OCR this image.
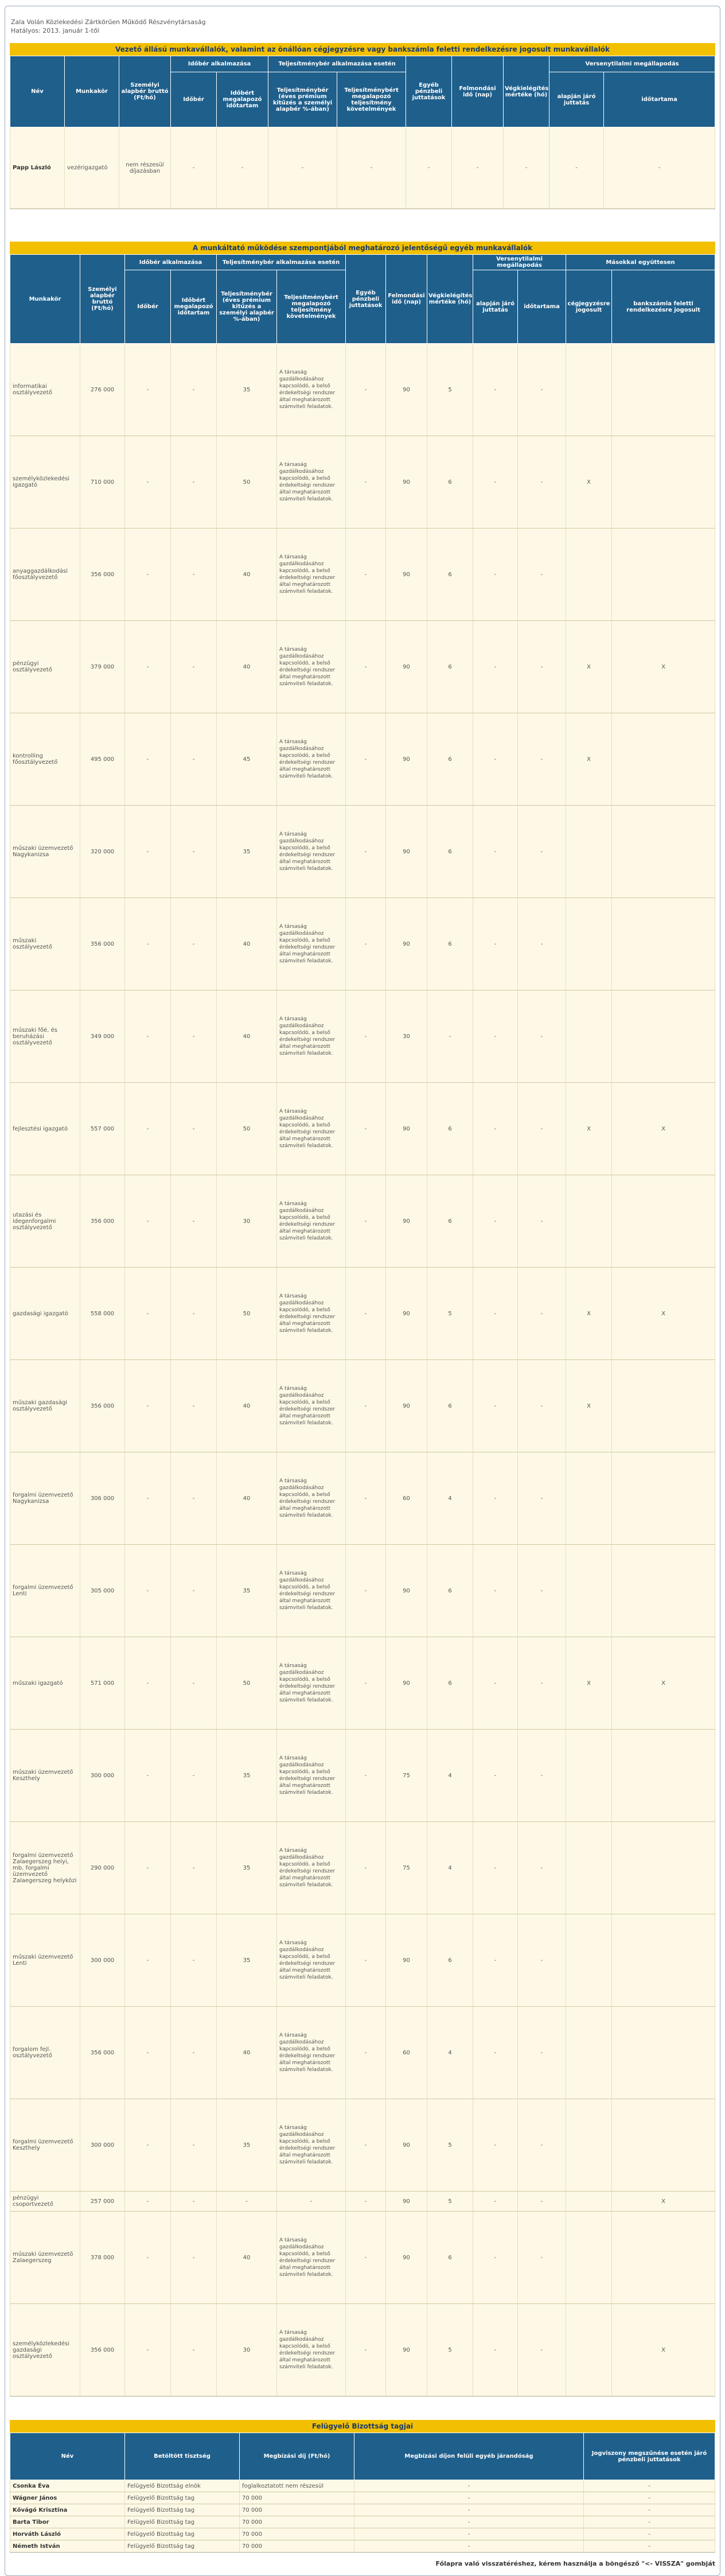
Zala Volán Közlekedési Zártkörűen Működő Részvénytársaság
Hatályos: 2013. január 1-től
Vezető állású munkavállalók, valamint az önállóan cégjegyzésre vagy bankszámla feletti rendelkezésre jogosult munkavállalók
Név	Munkakör	Személyi alapbér bruttó (Ft/hó)	Időbér alkalmazása		Teljesítménybér alkalmazása esetén		Egyéb pénzbeli juttatások	Felmondási idő (nap)	Végkielégítés mértéke (hó)	Versenytilalmi megállapodás	
			Időbér	Időbért megalapozó időtartam	Teljesítménybér (éves prémium kitűzés a személyi alapbér %-ában)	Teljesítménybért megalapozó teljesítmény követelmények				alapján járó juttatás	időtartama
Papp László	vezérigazgató	nem részesül díjazásban	-	-	-	-	-	-	-	-	-
A munkáltató működése szempontjából meghatározó jelentőségű egyéb munkavállalók
Munkakör	Személyi alapbér bruttó (Ft/hó)	Időbér alkalmazása		Teljesítménybér alkalmazása esetén		Egyéb pénzbeli juttatások	Felmondási idő (nap)	Végkielégítés mértéke (hó)	Versenytilalmi megállapodás		Másokkal együttesen	
		Időbér	Időbért megalapozó időtartam	Teljesítménybér (éves prémium kitűzés a személyi alapbér %-ában)	Teljesítménybért megalapozó teljesítmény követelmények				alapján járó juttatás	időtartama	cégjegyzésre jogosult	bankszámla feletti rendelkezésre jogosult
informatikai osztályvezető	276 000	-	-	35	A társaság gazdálkodásához kapcsolódó, a belső érdekeltségi rendszer által meghatározott számviteli feladatok.	-	90	5	-	-		
személyközlekedési igazgató	710 000	-	-	50	A társaság gazdálkodásához kapcsolódó, a belső érdekeltségi rendszer által meghatározott számviteli feladatok.	-	90	6	-	-	X	
anyaggazdálkodási főosztályvezető	356 000	-	-	40	A társaság gazdálkodásához kapcsolódó, a belső érdekeltségi rendszer által meghatározott számviteli feladatok.	-	90	6	-	-		
pénzügyi osztályvezető	379 000	-	-	40	A társaság gazdálkodásához kapcsolódó, a belső érdekeltségi rendszer által meghatározott számviteli feladatok.	-	90	6	-	-	X	X
kontrolling főosztályvezető	495 000	-	-	45	A társaság gazdálkodásához kapcsolódó, a belső érdekeltségi rendszer által meghatározott számviteli feladatok.	-	90	6	-	-	X	
műszaki üzemvezető Nagykanizsa	320 000	-	-	35	A társaság gazdálkodásához kapcsolódó, a belső érdekeltségi rendszer által meghatározott számviteli feladatok.	-	90	6	-	-		
műszaki osztályvezető	356 000	-	-	40	A társaság gazdálkodásához kapcsolódó, a belső érdekeltségi rendszer által meghatározott számviteli feladatok.	-	90	6	-	-		
műszaki főé. és beruházási osztályvezető	349 000	-	-	40	A társaság gazdálkodásához kapcsolódó, a belső érdekeltségi rendszer által meghatározott számviteli feladatok.	-	30	-	-	-		
fejlesztési igazgató	557 000	-	-	50	A társaság gazdálkodásához kapcsolódó, a belső érdekeltségi rendszer által meghatározott számviteli feladatok.	-	90	6	-	-	X	X
utazási és idegenforgalmi osztályvezető	356 000	-	-	30	A társaság gazdálkodásához kapcsolódó, a belső érdekeltségi rendszer által meghatározott számviteli feladatok.	-	90	6	-	-		
gazdasági igazgató	558 000	-	-	50	A társaság gazdálkodásához kapcsolódó, a belső érdekeltségi rendszer által meghatározott számviteli feladatok.	-	90	5	-	-	X	X
műszaki gazdasági osztályvezető	356 000	-	-	40	A társaság gazdálkodásához kapcsolódó, a belső érdekeltségi rendszer által meghatározott számviteli feladatok.	-	90	6	-	-	X	
forgalmi üzemvezető Nagykanizsa	306 000	-	-	40	A társaság gazdálkodásához kapcsolódó, a belső érdekeltségi rendszer által meghatározott számviteli feladatok.	-	60	4	-	-		
forgalmi üzemvezető Lenti	305 000	-	-	35	A társaság gazdálkodásához kapcsolódó, a belső érdekeltségi rendszer által meghatározott számviteli feladatok.	-	90	6	-	-		
műszaki igazgató	571 000	-	-	50	A társaság gazdálkodásához kapcsolódó, a belső érdekeltségi rendszer által meghatározott számviteli feladatok.	-	90	6	-	-	X	X
műszaki üzemvezető Keszthely	300 000	-	-	35	A társaság gazdálkodásához kapcsolódó, a belső érdekeltségi rendszer által meghatározott számviteli feladatok.	-	75	4	-	-		
forgalmi üzemvezető Zalaegerszeg helyi, mb. forgalmi üzemvezető Zalaegerszeg helyközi	290 000	-	-	35	A társaság gazdálkodásához kapcsolódó, a belső érdekeltségi rendszer által meghatározott számviteli feladatok.	-	75	4	-	-		
műszaki üzemvezető Lenti	300 000	-	-	35	A társaság gazdálkodásához kapcsolódó, a belső érdekeltségi rendszer által meghatározott számviteli feladatok.	-	90	6	-	-		
forgalom fejl. osztályvezető	356 000	-	-	40	A társaság gazdálkodásához kapcsolódó, a belső érdekeltségi rendszer által meghatározott számviteli feladatok.	-	60	4	-	-		
forgalmi üzemvezető Keszthely	300 000	-	-	35	A társaság gazdálkodásához kapcsolódó, a belső érdekeltségi rendszer által meghatározott számviteli feladatok.	-	90	5	-	-		
pénzügyi csoportvezető	257 000	-	-	-	-	-	90	5	-	-		X
műszaki üzemvezető Zalaegerszeg	378 000	-	-	40	A társaság gazdálkodásához kapcsolódó, a belső érdekeltségi rendszer által meghatározott számviteli feladatok.	-	90	6	-	-		
személyközlekedési gazdasági osztályvezető	356 000	-	-	30	A társaság gazdálkodásához kapcsolódó, a belső érdekeltségi rendszer által meghatározott számviteli feladatok.	-	90	5	-	-		X
Felügyelő Bizottság tagjai
Név	Betöltött tisztség	Megbízási díj (Ft/hó)	Megbízási díjon felüli egyéb járandóság	Jogviszony megszűnése esetén járó pénzbeli juttatások
Csonka Éva	Felügyelő Bizottság elnök	foglalkoztatott nem részesül	-	-
Wágner János	Felügyelő Bizottság tag	70 000	-	-
Kővágó Krisztina	Felügyelő Bizottság tag	70 000	-	-
Barta Tibor	Felügyelő Bizottság tag	70 000	-	-
Horváth László	Felügyelő Bizottság tag	70 000	-	-
Németh István	Felügyelő Bizottság tag	70 000	-	-
Főlapra való visszatéréshez, kérem használja a böngésző "<- VISSZA" gombját
